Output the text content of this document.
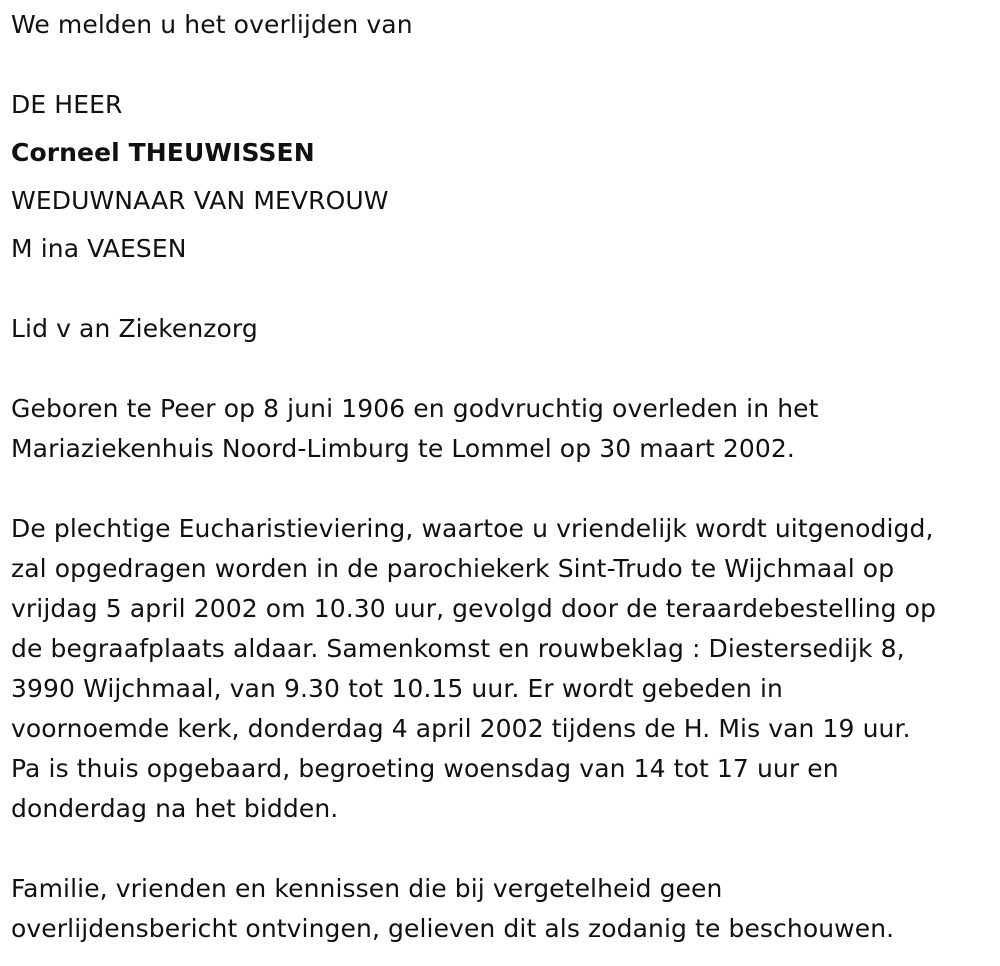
We melden u het overlijden van
DE HEER
Corneel THEUWISSEN
WEDUWNAAR VAN MEVROUW
M ina VAESEN
Lid v an Ziekenzorg
Geboren te Peer op 8 juni 1906 en godvruchtig overleden in het
Mariaziekenhuis Noord-Limburg te Lommel op 30 maart 2002.
De plechtige Eucharistieviering, waartoe u vriendelijk wordt uitgenodigd,
zal opgedragen worden in de parochiekerk Sint-Trudo te Wijchmaal op
vrijdag 5 april 2002 om 10.30 uur, gevolgd door de teraardebestelling op
de begraafplaats aldaar. Samenkomst en rouwbeklag : Diestersedijk 8,
3990 Wijchmaal, van 9.30 tot 10.15 uur. Er wordt gebeden in
voornoemde kerk, donderdag 4 april 2002 tijdens de H. Mis van 19 uur.
Pa is thuis opgebaard, begroeting woensdag van 14 tot 17 uur en
donderdag na het bidden.
Familie, vrienden en kennissen die bij vergetelheid geen
overlijdensbericht ontvingen, gelieven dit als zodanig te beschouwen.
